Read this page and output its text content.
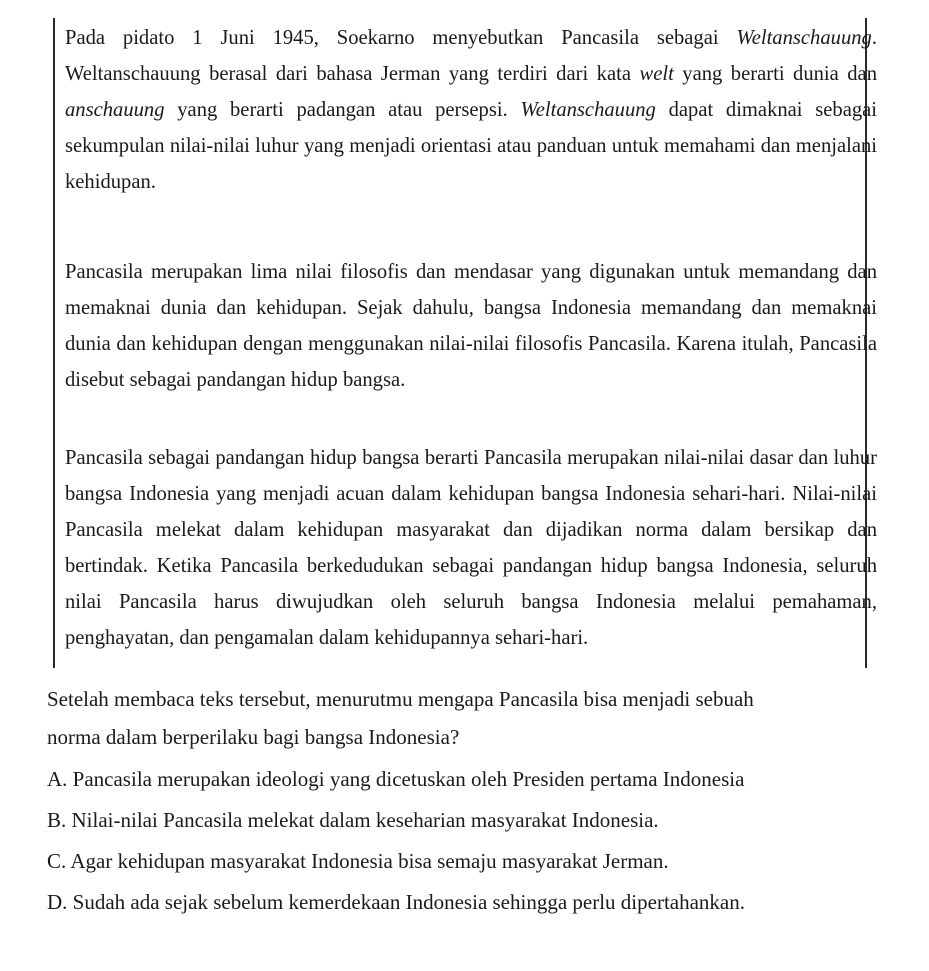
Pada pidato 1 Juni 1945, Soekarno menyebutkan Pancasila sebagai Weltanschauung. Weltanschauung berasal dari bahasa Jerman yang terdiri dari kata welt yang berarti dunia dan anschauung yang berarti padangan atau persepsi. Weltanschauung dapat dimaknai sebagai sekumpulan nilai-nilai luhur yang menjadi orientasi atau panduan untuk memahami dan menjalani kehidupan.

Pancasila merupakan lima nilai filosofis dan mendasar yang digunakan untuk memandang dan memaknai dunia dan kehidupan. Sejak dahulu, bangsa Indonesia memandang dan memaknai dunia dan kehidupan dengan menggunakan nilai-nilai filosofis Pancasila. Karena itulah, Pancasila disebut sebagai pandangan hidup bangsa.

Pancasila sebagai pandangan hidup bangsa berarti Pancasila merupakan nilai-nilai dasar dan luhur bangsa Indonesia yang menjadi acuan dalam kehidupan bangsa Indonesia sehari-hari. Nilai-nilai Pancasila melekat dalam kehidupan masyarakat dan dijadikan norma dalam bersikap dan bertindak. Ketika Pancasila berkedudukan sebagai pandangan hidup bangsa Indonesia, seluruh nilai Pancasila harus diwujudkan oleh seluruh bangsa Indonesia melalui pemahaman, penghayatan, dan pengamalan dalam kehidupannya sehari-hari.

Setelah membaca teks tersebut, menurutmu mengapa Pancasila bisa menjadi sebuah
norma dalam berperilaku bagi bangsa Indonesia?
A. Pancasila merupakan ideologi yang dicetuskan oleh Presiden pertama Indonesia
B. Nilai-nilai Pancasila melekat dalam keseharian masyarakat Indonesia.
C. Agar kehidupan masyarakat Indonesia bisa semaju masyarakat Jerman.
D. Sudah ada sejak sebelum kemerdekaan Indonesia sehingga perlu dipertahankan.
